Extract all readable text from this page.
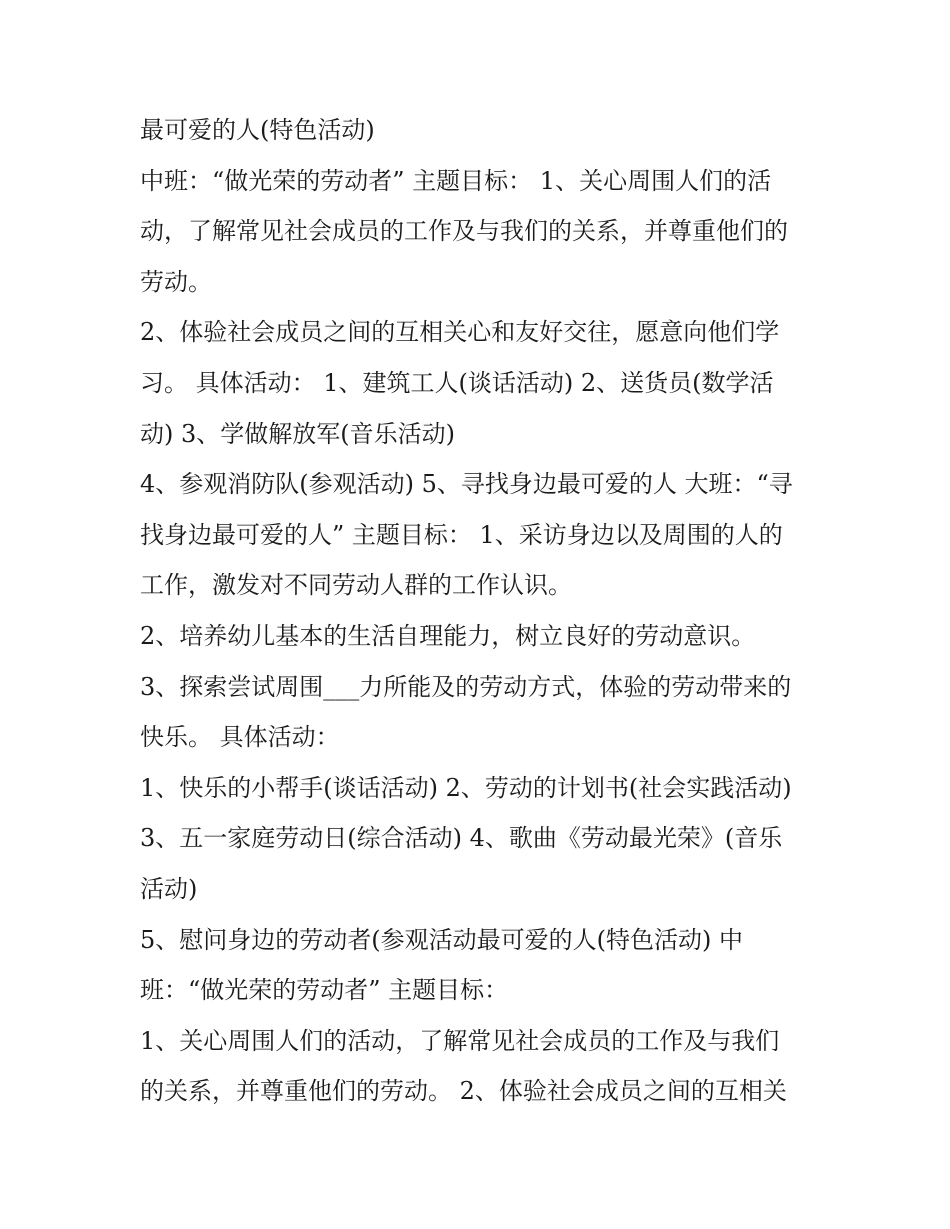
最可爱的人(特色活动)
中班：“做光荣的劳动者” 主题目标： 1、关心周围人们的活
动，了解常见社会成员的工作及与我们的关系，并尊重他们的
劳动。
2、体验社会成员之间的互相关心和友好交往，愿意向他们学
习。 具体活动： 1、建筑工人(谈话活动) 2、送货员(数学活
动) 3、学做解放军(音乐活动)
4、参观消防队(参观活动) 5、寻找身边最可爱的人 大班：“寻
找身边最可爱的人” 主题目标： 1、采访身边以及周围的人的
工作，激发对不同劳动人群的工作认识。
2、培养幼儿基本的生活自理能力，树立良好的劳动意识。
3、探索尝试周围___力所能及的劳动方式，体验的劳动带来的
快乐。 具体活动：
1、快乐的小帮手(谈话活动) 2、劳动的计划书(社会实践活动)
3、五一家庭劳动日(综合活动) 4、歌曲《劳动最光荣》(音乐
活动)
5、慰问身边的劳动者(参观活动最可爱的人(特色活动) 中
班：“做光荣的劳动者” 主题目标：
1、关心周围人们的活动，了解常见社会成员的工作及与我们
的关系，并尊重他们的劳动。 2、体验社会成员之间的互相关
